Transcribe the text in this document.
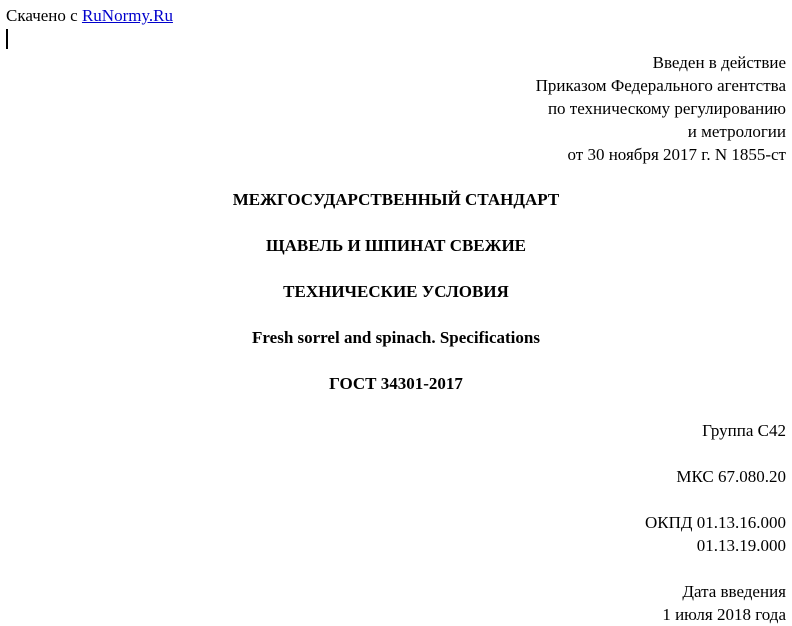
Скачено с RuNormy.Ru
Введен в действие
Приказом Федерального агентства
по техническому регулированию
и метрологии
от 30 ноября 2017 г. N 1855-ст
МЕЖГОСУДАРСТВЕННЫЙ СТАНДАРТ
ЩАВЕЛЬ И ШПИНАТ СВЕЖИЕ
ТЕХНИЧЕСКИЕ УСЛОВИЯ
Fresh sorrel and spinach. Specifications
ГОСТ 34301-2017
Группа С42
МКС 67.080.20
ОКПД 01.13.16.000
01.13.19.000
Дата введения
1 июля 2018 года
